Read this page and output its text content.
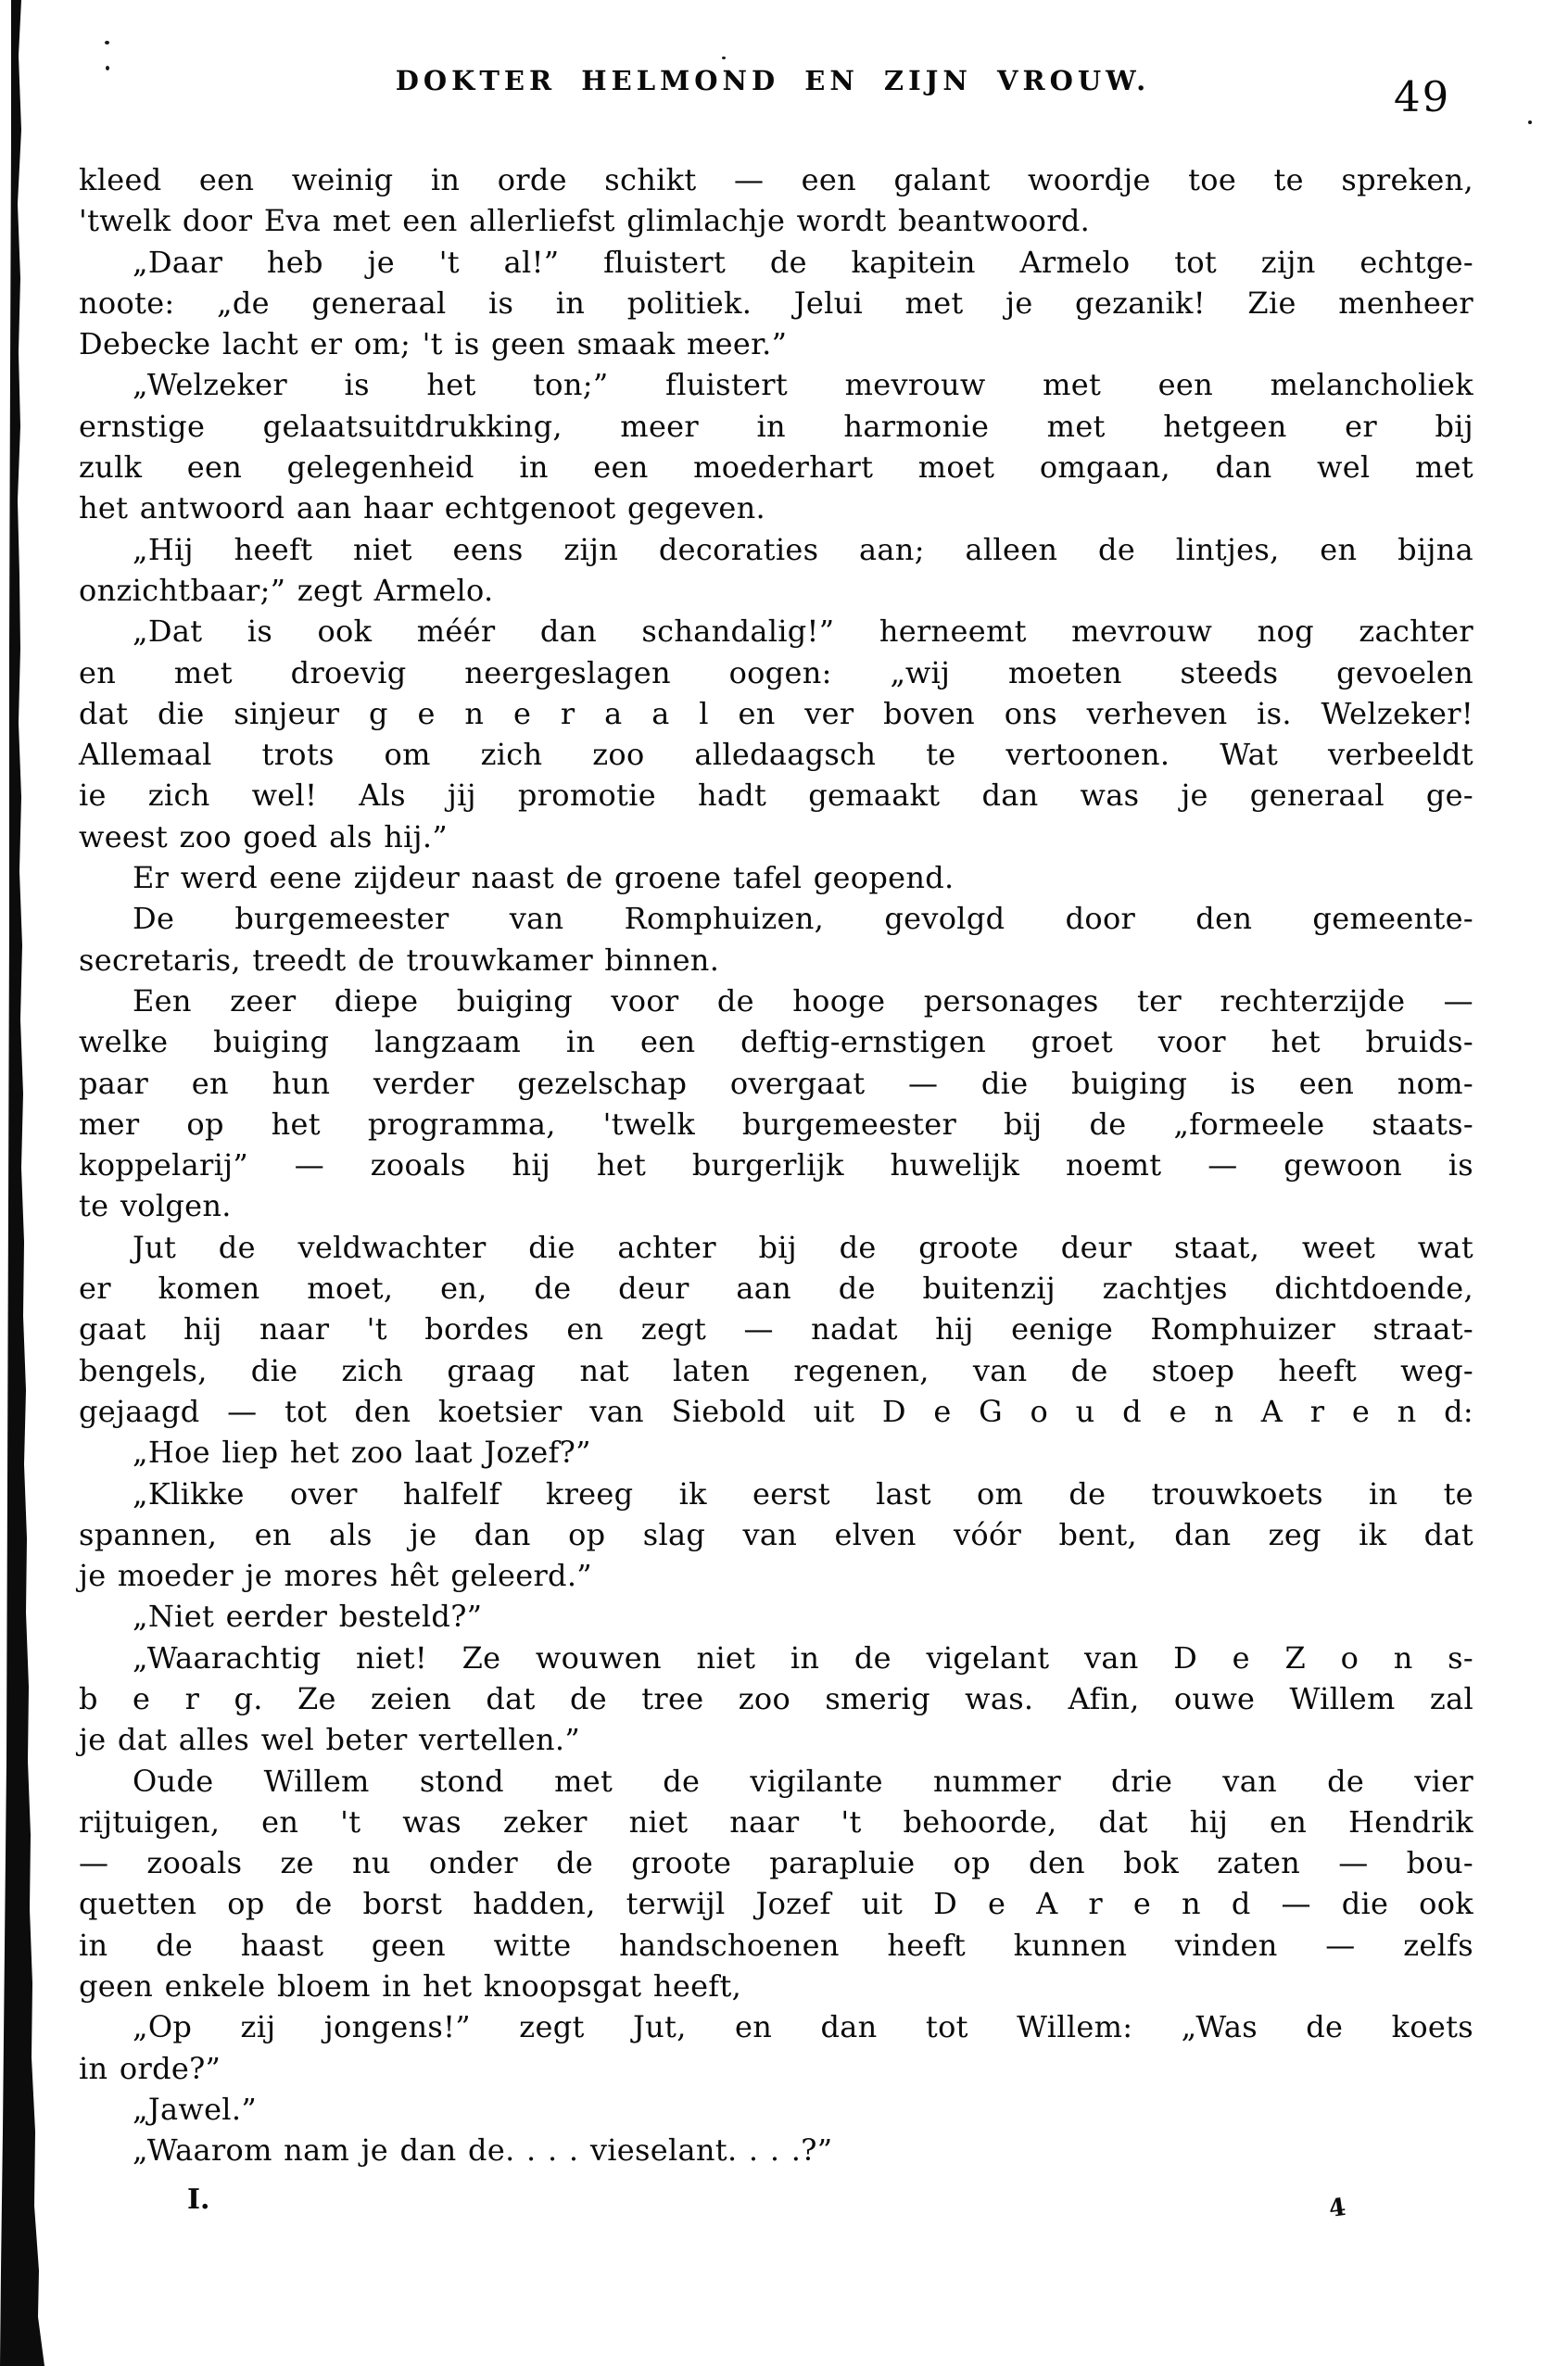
DOKTER HELMOND EN ZIJN VROUW.	49
kleed een weinig in orde schikt — een galant woordje toe te spreken,
'twelk door Eva met een allerliefst glimlachje wordt beantwoord.
„Daar heb je 't al!” fluistert de kapitein Armelo tot zijn echtge-
noote: „de generaal is in politiek. Jelui met je gezanik! Zie menheer
Debecke lacht er om; 't is geen smaak meer.”
„Welzeker is het ton;” fluistert mevrouw met een melancholiek
ernstige gelaatsuitdrukking, meer in harmonie met hetgeen er bij
zulk een gelegenheid in een moederhart moet omgaan, dan wel met
het antwoord aan haar echtgenoot gegeven.
„Hij heeft niet eens zijn decoraties aan; alleen de lintjes, en bijna
onzichtbaar;” zegt Armelo.
„Dat is ook méér dan schandalig!” herneemt mevrouw nog zachter
en met droevig neergeslagen oogen: „wij moeten steeds gevoelen
dat die sinjeur g e n e r a a l en ver boven ons verheven is. Welzeker!
Allemaal trots om zich zoo alledaagsch te vertoonen. Wat verbeeldt
ie zich wel! Als jij promotie hadt gemaakt dan was je generaal ge-
weest zoo goed als hij.”
Er werd eene zijdeur naast de groene tafel geopend.
De burgemeester van Romphuizen, gevolgd door den gemeente-
secretaris, treedt de trouwkamer binnen.
Een zeer diepe buiging voor de hooge personages ter rechterzijde —
welke buiging langzaam in een deftig-ernstigen groet voor het bruids-
paar en hun verder gezelschap overgaat — die buiging is een nom-
mer op het programma, 'twelk burgemeester bij de „formeele staats-
koppelarij” — zooals hij het burgerlijk huwelijk noemt — gewoon is
te volgen.
Jut de veldwachter die achter bij de groote deur staat, weet wat
er komen moet, en, de deur aan de buitenzij zachtjes dichtdoende,
gaat hij naar 't bordes en zegt — nadat hij eenige Romphuizer straat-
bengels, die zich graag nat laten regenen, van de stoep heeft weg-
gejaagd — tot den koetsier van Siebold uit D e G o u d e n A r e n d:
„Hoe liep het zoo laat Jozef?”
„Klikke over halfelf kreeg ik eerst last om de trouwkoets in te
spannen, en als je dan op slag van elven vóór bent, dan zeg ik dat
je moeder je mores hêt geleerd.”
„Niet eerder besteld?”
„Waarachtig niet! Ze wouwen niet in de vigelant van D e Z o n s-
b e r g. Ze zeien dat de tree zoo smerig was. Afin, ouwe Willem zal
je dat alles wel beter vertellen.”
Oude Willem stond met de vigilante nummer drie van de vier
rijtuigen, en 't was zeker niet naar 't behoorde, dat hij en Hendrik
— zooals ze nu onder de groote parapluie op den bok zaten — bou-
quetten op de borst hadden, terwijl Jozef uit D e A r e n d — die ook
in de haast geen witte handschoenen heeft kunnen vinden — zelfs
geen enkele bloem in het knoopsgat heeft,
„Op zij jongens!” zegt Jut, en dan tot Willem: „Was de koets
in orde?”
„Jawel.”
„Waarom nam je dan de. . . . vieselant. . . .?”
I.	4
